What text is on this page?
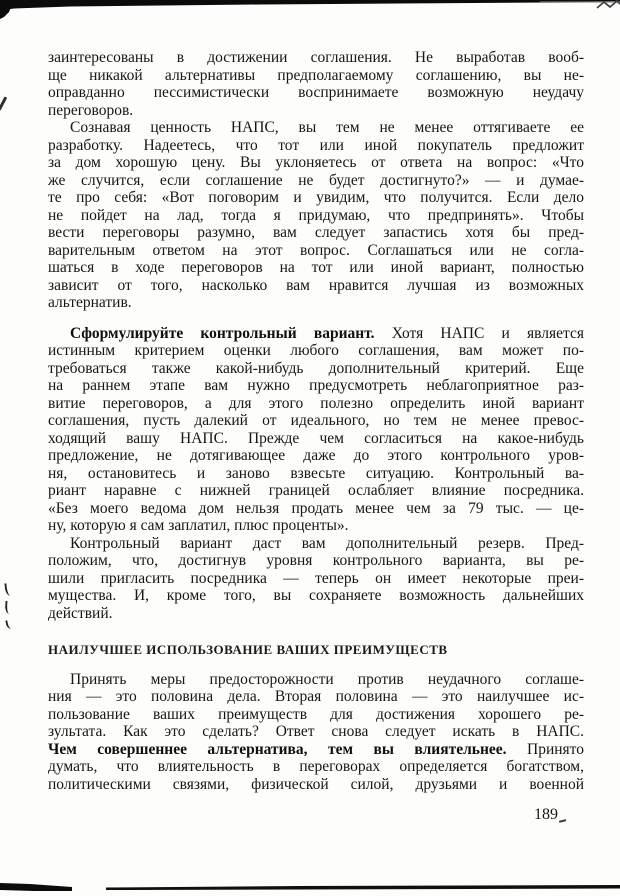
заинтересованы в достижении соглашения. Не выработав вооб-
ще никакой альтернативы предполагаемому соглашению, вы не-
оправданно пессимистически воспринимаете возможную неудачу
переговоров.
Сознавая ценность НАПС, вы тем не менее оттягиваете ее
разработку. Надеетесь, что тот или иной покупатель предложит
за дом хорошую цену. Вы уклоняетесь от ответа на вопрос: «Что
же случится, если соглашение не будет достигнуто?» — и думае-
те про себя: «Вот поговорим и увидим, что получится. Если дело
не пойдет на лад, тогда я придумаю, что предпринять». Чтобы
вести переговоры разумно, вам следует запастись хотя бы пред-
варительным ответом на этот вопрос. Соглашаться или не согла-
шаться в ходе переговоров на тот или иной вариант, полностью
зависит от того, насколько вам нравится лучшая из возможных
альтернатив.
Сформулируйте контрольный вариант. Хотя НАПС и является
истинным критерием оценки любого соглашения, вам может по-
требоваться также какой-нибудь дополнительный критерий. Еще
на раннем этапе вам нужно предусмотреть неблагоприятное раз-
витие переговоров, а для этого полезно определить иной вариант
соглашения, пусть далекий от идеального, но тем не менее превос-
ходящий вашу НАПС. Прежде чем согласиться на какое-нибудь
предложение, не дотягивающее даже до этого контрольного уров-
ня, остановитесь и заново взвесьте ситуацию. Контрольный ва-
риант наравне с нижней границей ослабляет влияние посредника.
«Без моего ведома дом нельзя продать менее чем за 79 тыс. — це-
ну, которую я сам заплатил, плюс проценты».
Контрольный вариант даст вам дополнительный резерв. Пред-
положим, что, достигнув уровня контрольного варианта, вы ре-
шили пригласить посредника — теперь он имеет некоторые преи-
мущества. И, кроме того, вы сохраняете возможность дальнейших
действий.
НАИЛУЧШЕЕ ИСПОЛЬЗОВАНИЕ ВАШИХ ПРЕИМУЩЕСТВ
Принять меры предосторожности против неудачного соглаше-
ния — это половина дела. Вторая половина — это наилучшее ис-
пользование ваших преимуществ для достижения хорошего ре-
зультата. Как это сделать? Ответ снова следует искать в НАПС.
Чем совершеннее альтернатива, тем вы влиятельнее. Принято
думать, что влиятельность в переговорах определяется богатством,
политическими связями, физической силой, друзьями и военной
189
